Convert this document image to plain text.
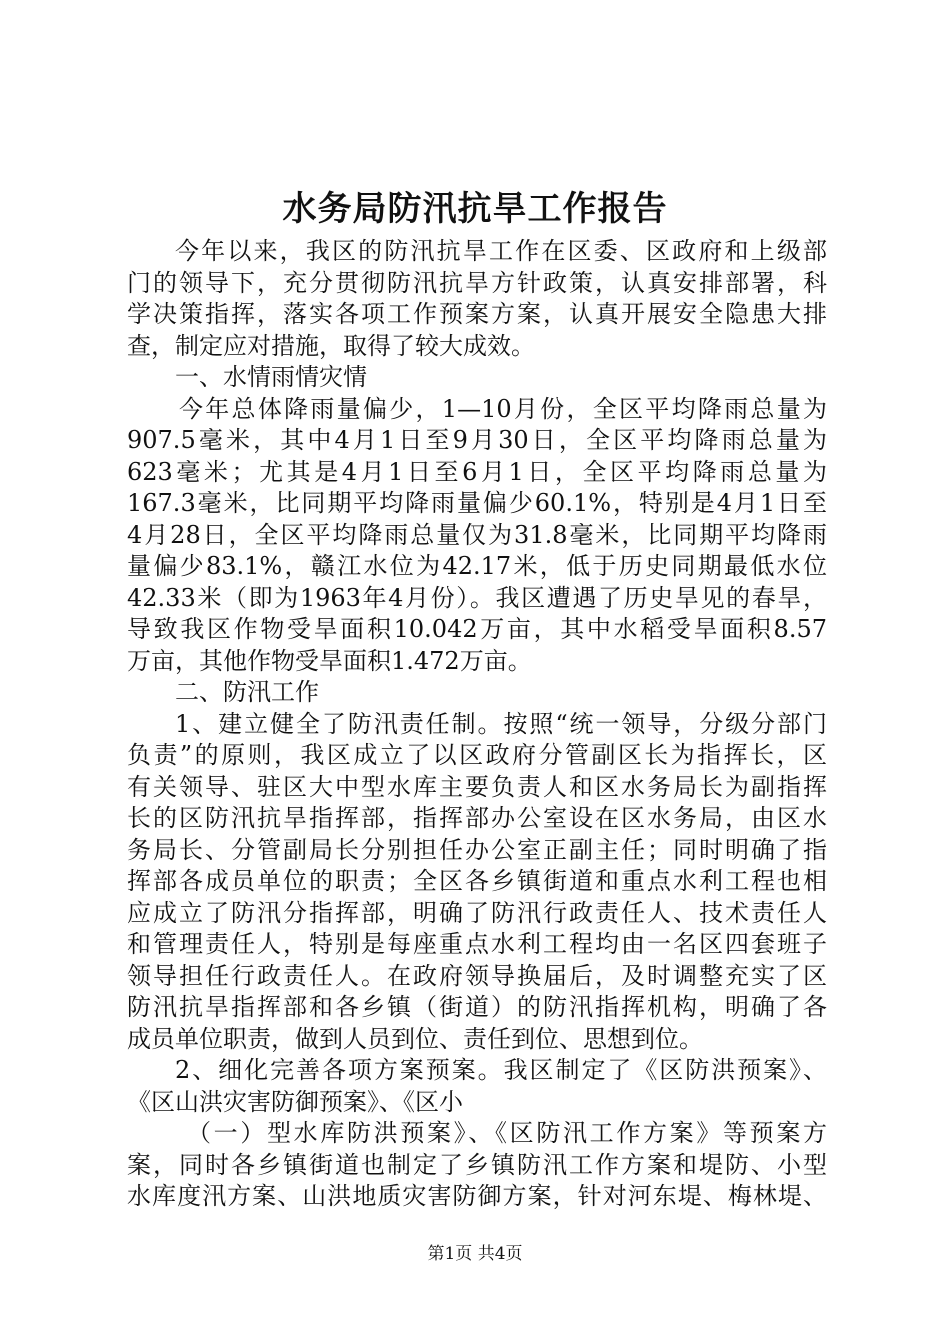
水务局防汛抗旱工作报告
今年以来，我区的防汛抗旱工作在区委、区政府和上级部
门的领导下，充分贯彻防汛抗旱方针政策，认真安排部署，科
学决策指挥，落实各项工作预案方案，认真开展安全隐患大排
查，制定应对措施，取得了较大成效。
一、水情雨情灾情
今年总体降雨量偏少，1—10月份，全区平均降雨总量为
907.5毫米，其中4月1日至9月30日，全区平均降雨总量为
623毫米；尤其是4月1日至6月1日，全区平均降雨总量为
167.3毫米，比同期平均降雨量偏少60.1%，特别是4月1日至
4月28日，全区平均降雨总量仅为31.8毫米，比同期平均降雨
量偏少83.1%，赣江水位为42.17米，低于历史同期最低水位
42.33米（即为1963年4月份）。我区遭遇了历史旱见的春旱，
导致我区作物受旱面积10.042万亩，其中水稻受旱面积8.57
万亩，其他作物受旱面积1.472万亩。
二、防汛工作
1、建立健全了防汛责任制。按照“统一领导，分级分部门
负责”的原则，我区成立了以区政府分管副区长为指挥长，区
有关领导、驻区大中型水库主要负责人和区水务局长为副指挥
长的区防汛抗旱指挥部，指挥部办公室设在区水务局，由区水
务局长、分管副局长分别担任办公室正副主任；同时明确了指
挥部各成员单位的职责；全区各乡镇街道和重点水利工程也相
应成立了防汛分指挥部，明确了防汛行政责任人、技术责任人
和管理责任人，特别是每座重点水利工程均由一名区四套班子
领导担任行政责任人。在政府领导换届后，及时调整充实了区
防汛抗旱指挥部和各乡镇（街道）的防汛指挥机构，明确了各
成员单位职责，做到人员到位、责任到位、思想到位。
2、细化完善各项方案预案。我区制定了《区防洪预案》、
《区山洪灾害防御预案》、《区小
（一）型水库防洪预案》、《区防汛工作方案》等预案方
案，同时各乡镇街道也制定了乡镇防汛工作方案和堤防、小型
水库度汛方案、山洪地质灾害防御方案，针对河东堤、梅林堤、
第1页 共4页
